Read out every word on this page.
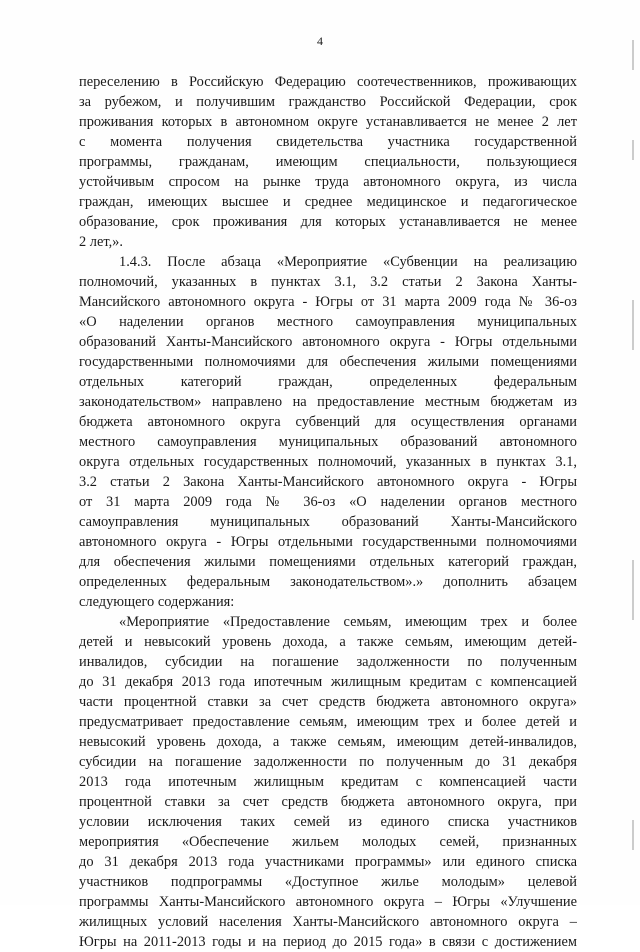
4
переселению в Российскую Федерацию соотечественников, проживающих
за рубежом, и получившим гражданство Российской Федерации, срок
проживания которых в автономном округе устанавливается не менее 2 лет
с момента получения свидетельства участника государственной
программы, гражданам, имеющим специальности, пользующиеся
устойчивым спросом на рынке труда автономного округа, из числа
граждан, имеющих высшее и среднее медицинское и педагогическое
образование, срок проживания для которых устанавливается не менее
2 лет,».
1.4.3. После абзаца «Мероприятие «Субвенции на реализацию
полномочий, указанных в пунктах 3.1, 3.2 статьи 2 Закона Ханты-
Мансийского автономного округа - Югры от 31 марта 2009 года № 36-оз
«О наделении органов местного самоуправления муниципальных
образований Ханты-Мансийского автономного округа - Югры отдельными
государственными полномочиями для обеспечения жилыми помещениями
отдельных категорий граждан, определенных федеральным
законодательством» направлено на предоставление местным бюджетам из
бюджета автономного округа субвенций для осуществления органами
местного самоуправления муниципальных образований автономного
округа отдельных государственных полномочий, указанных в пунктах 3.1,
3.2 статьи 2 Закона Ханты-Мансийского автономного округа - Югры
от 31 марта 2009 года № 36-оз «О наделении органов местного
самоуправления муниципальных образований Ханты-Мансийского
автономного округа - Югры отдельными государственными полномочиями
для обеспечения жилыми помещениями отдельных категорий граждан,
определенных федеральным законодательством».» дополнить абзацем
следующего содержания:
«Мероприятие «Предоставление семьям, имеющим трех и более
детей и невысокий уровень дохода, а также семьям, имеющим детей-
инвалидов, субсидии на погашение задолженности по полученным
до 31 декабря 2013 года ипотечным жилищным кредитам с компенсацией
части процентной ставки за счет средств бюджета автономного округа»
предусматривает предоставление семьям, имеющим трех и более детей и
невысокий уровень дохода, а также семьям, имеющим детей-инвалидов,
субсидии на погашение задолженности по полученным до 31 декабря
2013 года ипотечным жилищным кредитам с компенсацией части
процентной ставки за счет средств бюджета автономного округа, при
условии исключения таких семей из единого списка участников
мероприятия «Обеспечение жильем молодых семей, признанных
до 31 декабря 2013 года участниками программы» или единого списка
участников подпрограммы «Доступное жилье молодым» целевой
программы Ханты-Мансийского автономного округа – Югры «Улучшение
жилищных условий населения Ханты-Мансийского автономного округа –
Югры на 2011-2013 годы и на период до 2015 года» в связи с достижением
